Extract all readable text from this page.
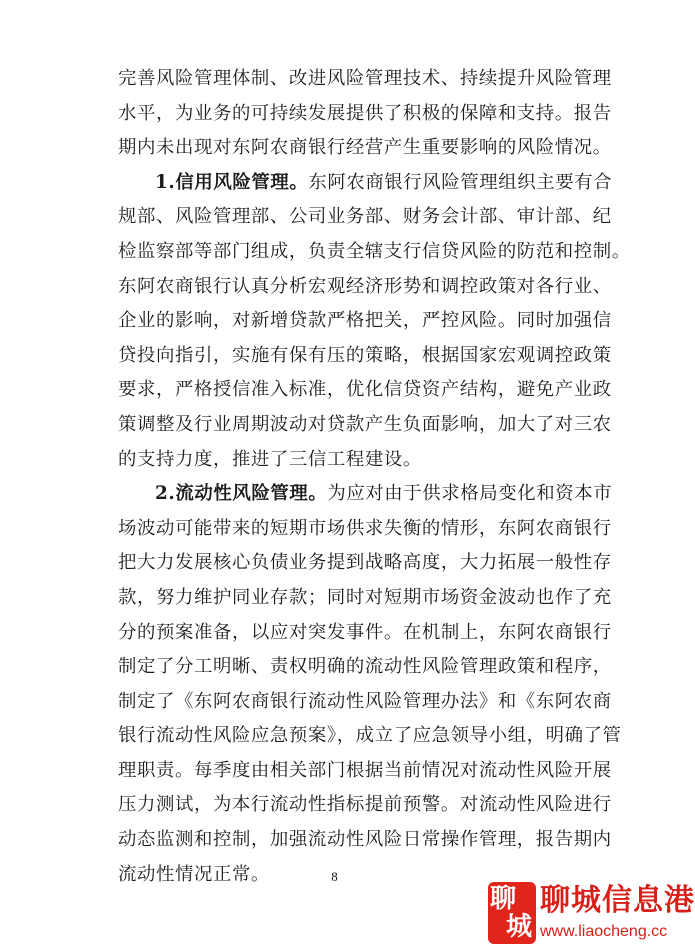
完善风险管理体制、改进风险管理技术、持续提升风险管理
水平，为业务的可持续发展提供了积极的保障和支持。报告
期内未出现对东阿农商银行经营产生重要影响的风险情况。
1.信用风险管理。东阿农商银行风险管理组织主要有合
规部、风险管理部、公司业务部、财务会计部、审计部、纪
检监察部等部门组成，负责全辖支行信贷风险的防范和控制。
东阿农商银行认真分析宏观经济形势和调控政策对各行业、
企业的影响，对新增贷款严格把关，严控风险。同时加强信
贷投向指引，实施有保有压的策略，根据国家宏观调控政策
要求，严格授信准入标准，优化信贷资产结构，避免产业政
策调整及行业周期波动对贷款产生负面影响，加大了对三农
的支持力度，推进了三信工程建设。
2.流动性风险管理。为应对由于供求格局变化和资本市
场波动可能带来的短期市场供求失衡的情形，东阿农商银行
把大力发展核心负债业务提到战略高度，大力拓展一般性存
款，努力维护同业存款；同时对短期市场资金波动也作了充
分的预案准备，以应对突发事件。在机制上，东阿农商银行
制定了分工明晰、责权明确的流动性风险管理政策和程序，
制定了《东阿农商银行流动性风险管理办法》和《东阿农商
银行流动性风险应急预案》，成立了应急领导小组，明确了管
理职责。每季度由相关部门根据当前情况对流动性风险开展
压力测试，为本行流动性指标提前预警。对流动性风险进行
动态监测和控制，加强流动性风险日常操作管理，报告期内
流动性情况正常。	8
聊
城
聊城信息港
www.liaocheng.cc
